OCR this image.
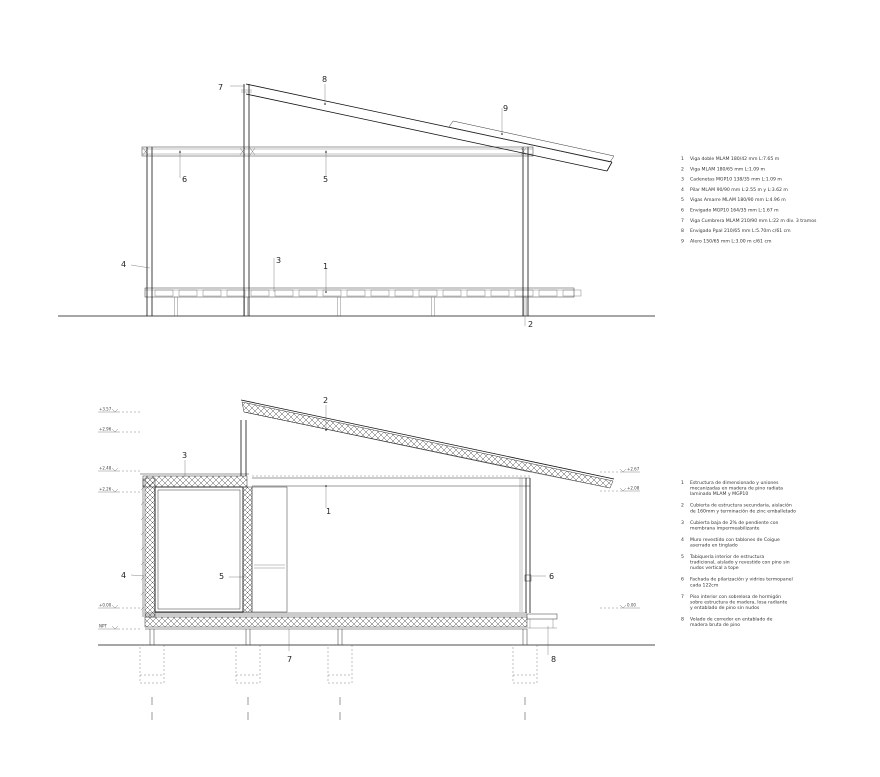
8
7
9
6	5
4	3
1
2
1 Viga doble MLAM 180/42 mm L:7.65 m
2 Viga MLAM 180/65 mm L:1.09 m
3 Cadenetas MGP10 138/35 mm L:1.09 m
4 Pilar MLAM 90/90 mm L:2.55 m y L:3.62 m
5 Vigas Amarre MLAM 180/90 mm L:4.96 m
6 Envigado MGP10 164/35 mm L:1.67 m
7 Viga Cumbrera MLAM 210/90 mm L:22 m div. 3 tramos
8 Envigado Ppal 210/65 mm L:5.70m c/61 cm
9 Alero 150/65 mm L:3.00 m c/61 cm
+3.57
+2.96
+2.48
+2.26
+0.00
NPT
+2.67
+2.08
0.00
2
3
1
4	5	6
7	8
1 Estructura de dimensionado y uniones
mecanizadas en madera de pino radiata
laminado MLAM y MGP10
2 Cubierta de estructura secundaria, aislación
de 160mm y terminación de zinc emballetado
3 Cubierta baja de 2% de pendiente con
membrana impermeabilizante
4 Muro revestido con tablones de Coigue
aserrado en tinglado
5 Tabiquería interior de estructura
tradicional, aislado y revestido con pino sin
nudos vertical a tope
6 Fachada de pilarización y vidrios termopanel
cada 122cm
7 Piso interior con sobrelosa de hormigón
sobre estructura de madera, losa radiante
y entablado de pino sin nudos
8 Volado de corredor en entablado de
madera bruta de pino
